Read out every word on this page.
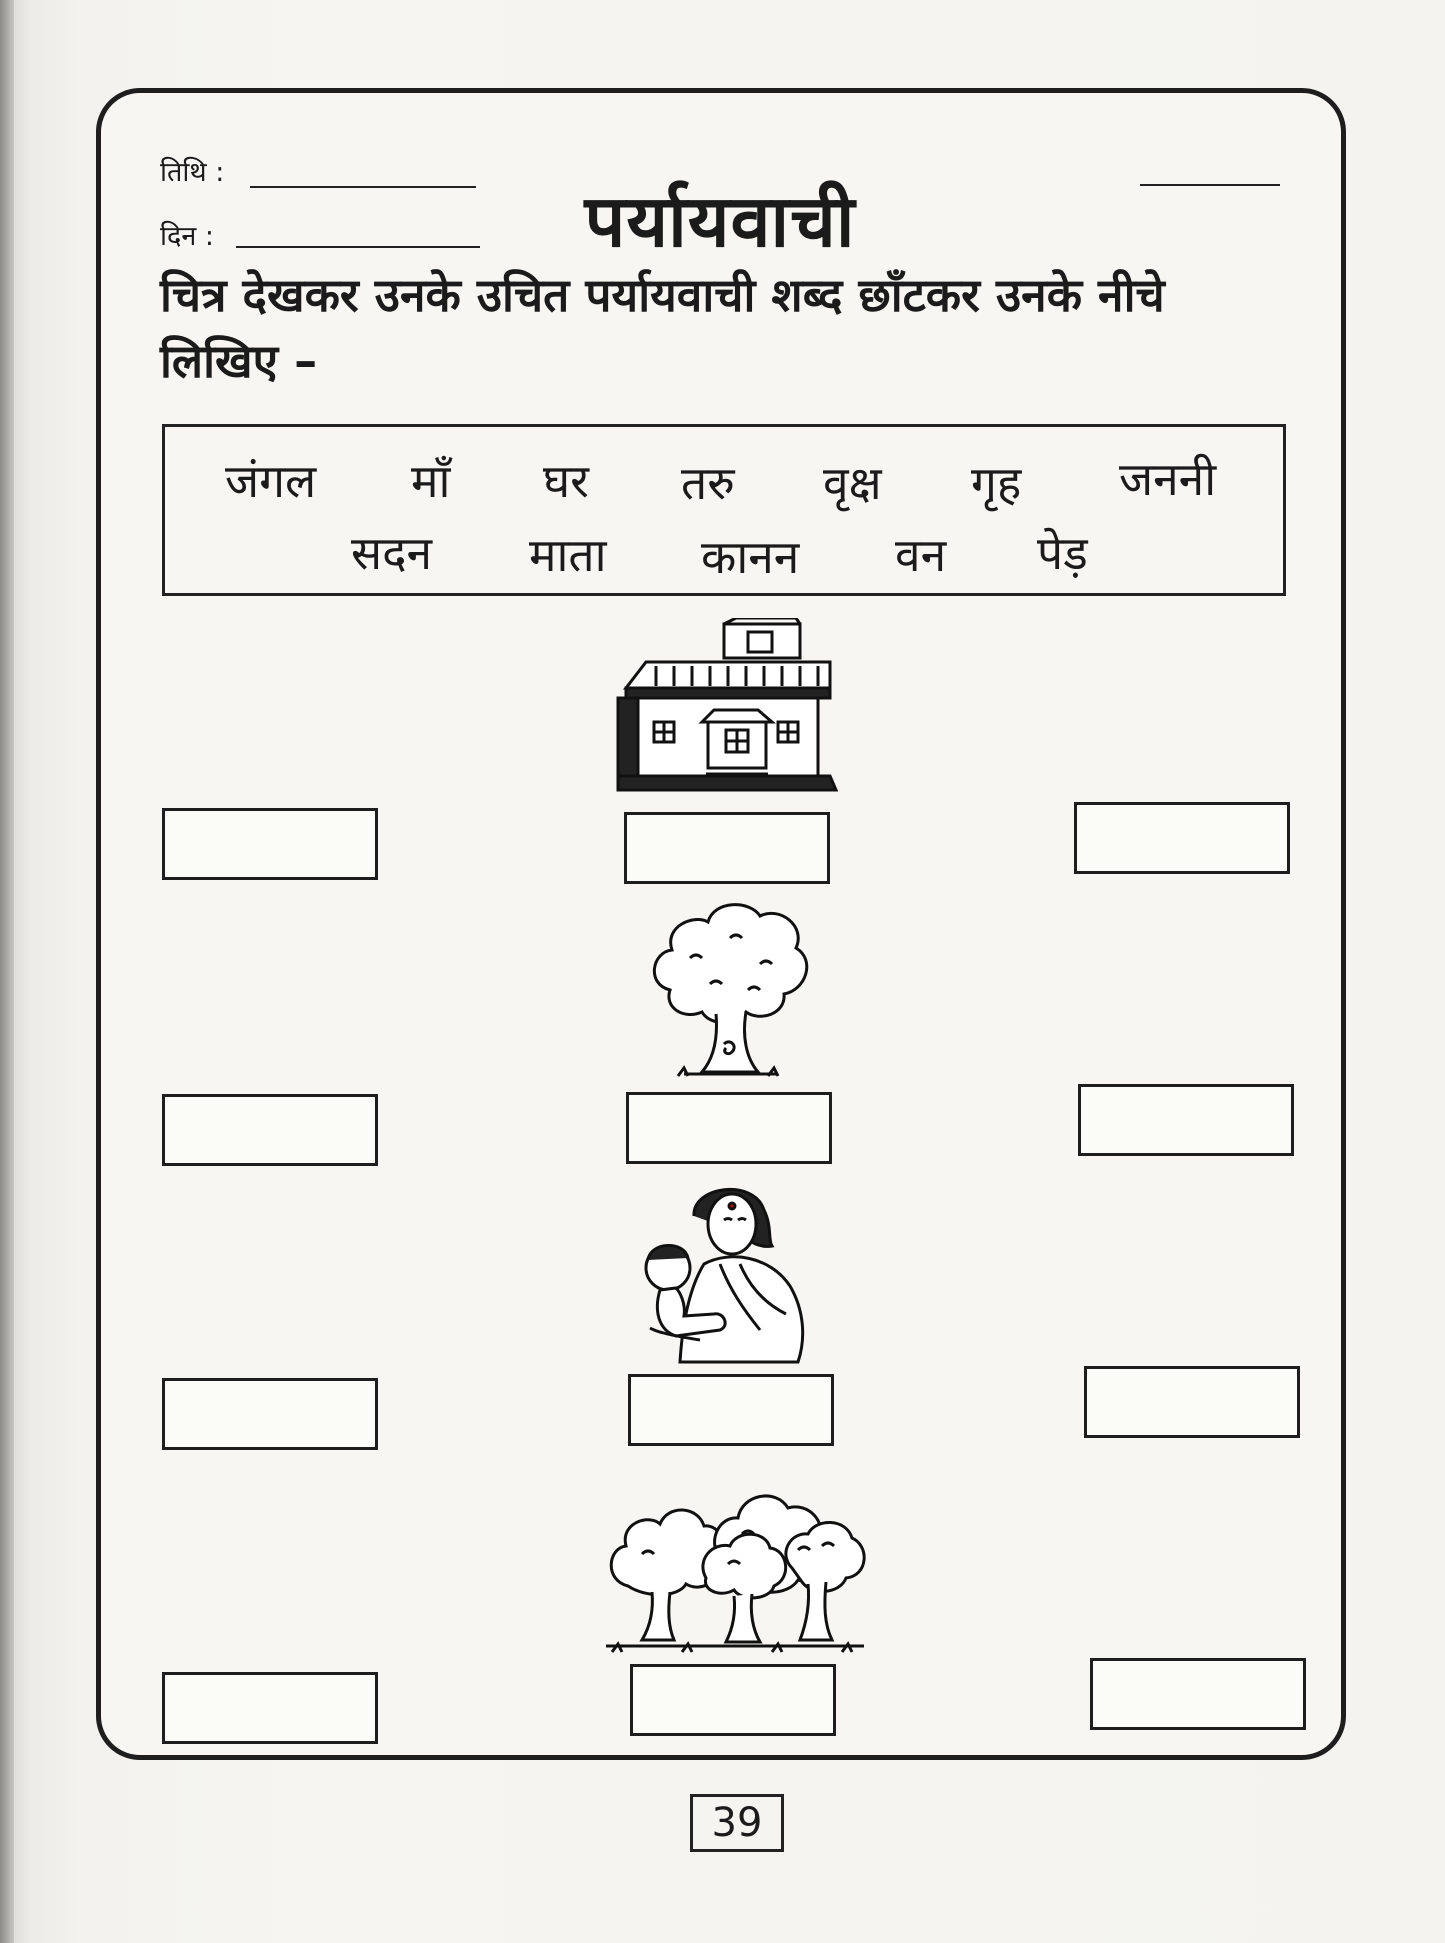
तिथि :
दिन :	पर्यायवाची
चित्र देखकर उनके उचित पर्यायवाची शब्द छाँटकर उनके नीचे लिखिए –
जंगल माँ घर तरु वृक्ष गृह जननी
सदन माता कानन वन पेड़
39
